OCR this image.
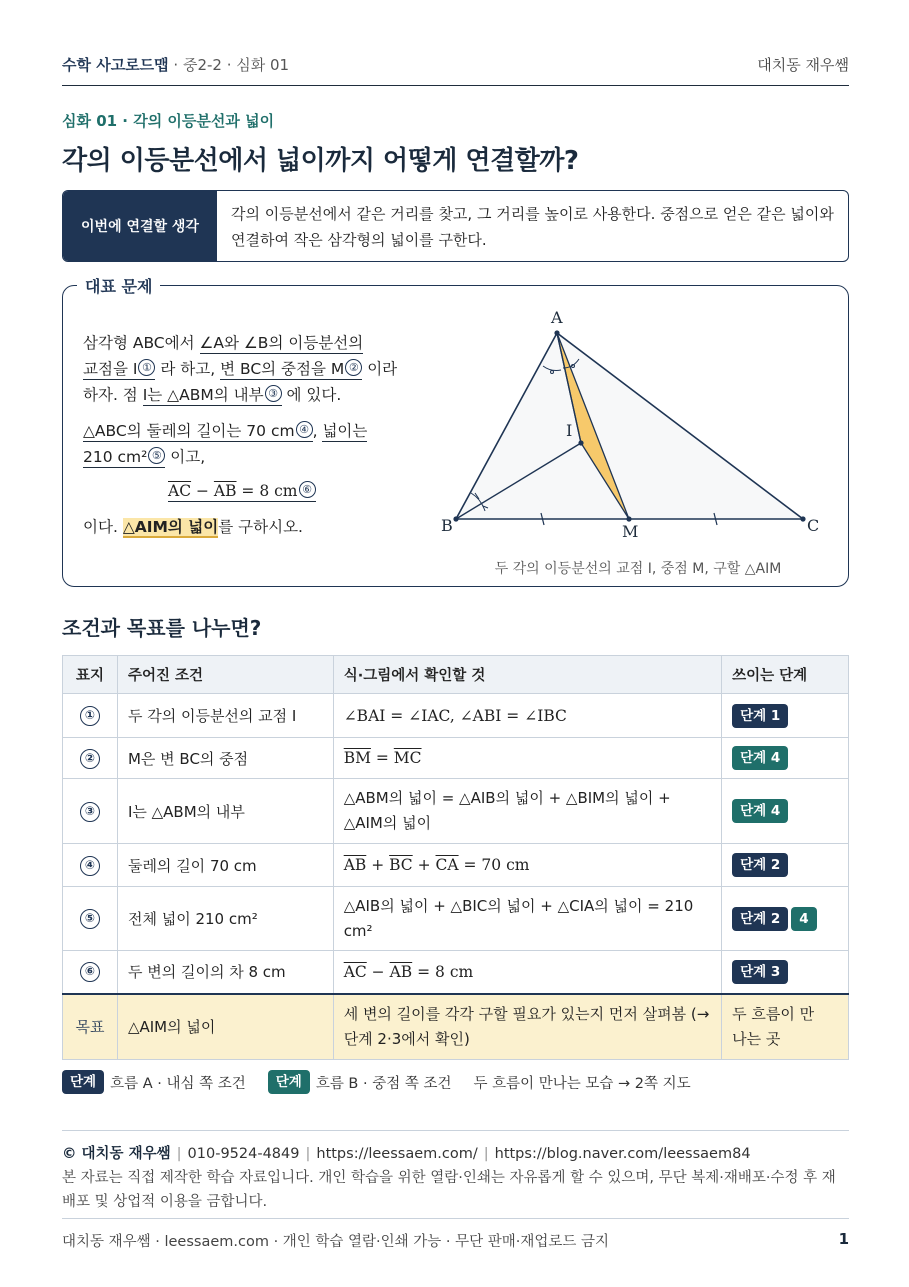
수학 사고로드맵 · 중2-2 · 심화 01	대치동 재우쌤
심화 01 · 각의 이등분선과 넓이
각의 이등분선에서 넓이까지 어떻게 연결할까?
이번에 연결할 생각
각의 이등분선에서 같은 거리를 찾고, 그 거리를 높이로 사용한다. 중점으로 얻은 같은 넓이와 연결하여 작은 삼각형의 넓이를 구한다.
대표 문제
삼각형 ABC에서 ∠A와 ∠B의 이등분선의
교점을 I ① 라 하고, 변 BC의 중점을 M ② 이라
하자. 점 I는 △ABM의 내부 ③ 에 있다.
△ABC의 둘레의 길이는 70 cm ④ , 넓이는
210 cm² ⑤ 이고,
$\overline{AC} - \overline{AB} = 8$ cm ⑥
이다. △AIM의 넓이를 구하시오.
A
B	C
I
M
두 각의 이등분선의 교점 I, 중점 M, 구할 △AIM
조건과 목표를 나누면?
표지	주어진 조건	식·그림에서 확인할 것	쓰이는 단계
①	두 각의 이등분선의 교점 I	∠BAI = ∠IAC, ∠ABI = ∠IBC	단계 1
②	M은 변 BC의 중점	$\overline{BM} = \overline{MC}$	단계 4
③	I는 △ABM의 내부	△ABM의 넓이 = △AIB의 넓이 + △BIM의 넓이 + △AIM의 넓이	단계 4
④	둘레의 길이 70 cm	$\overline{AB} + \overline{BC} + \overline{CA} = 70$ cm	단계 2
⑤	전체 넓이 210 cm²	△AIB의 넓이 + △BIC의 넓이 + △CIA의 넓이 = 210 cm²	단계 2 4
⑥	두 변의 길이의 차 8 cm	$\overline{AC} - \overline{AB} = 8$ cm	단계 3
목표	△AIM의 넓이	세 변의 길이를 각각 구할 필요가 있는지 먼저 살펴봄 (→ 단계 2·3에서 확인)	두 흐름이 만나는 곳
단계 흐름 A · 내심 쪽 조건	단계 흐름 B · 중점 쪽 조건 두 흐름이 만나는 모습 → 2쪽 지도
© 대치동 재우쌤 | 010-9524-4849 | https://leessaem.com/ | https://blog.naver.com/leessaem84
본 자료는 직접 제작한 학습 자료입니다. 개인 학습을 위한 열람·인쇄는 자유롭게 할 수 있으며, 무단 복제·재배포·수정 후 재배포 및 상업적 이용을 금합니다.
대치동 재우쌤 · leessaem.com · 개인 학습 열람·인쇄 가능 · 무단 판매·재업로드 금지	1
